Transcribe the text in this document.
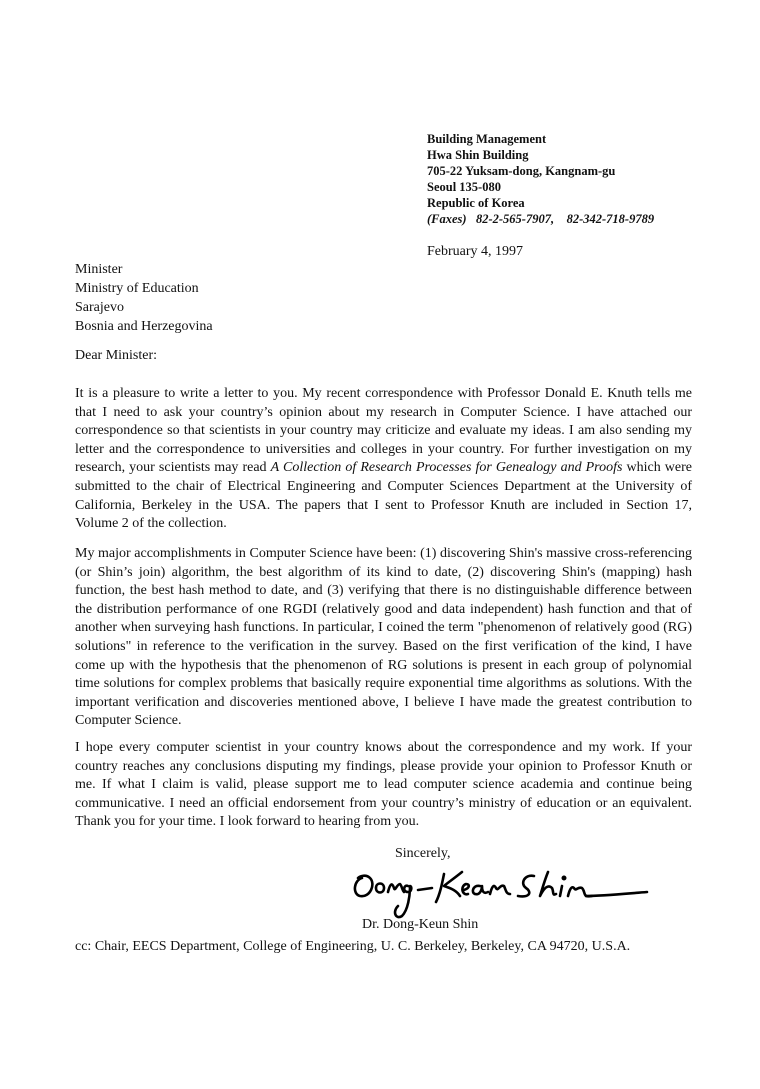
Building Management
Hwa Shin Building
705-22 Yuksam-dong, Kangnam-gu
Seoul 135-080
Republic of Korea
(Faxes) 82-2-565-7907, 82-342-718-9789
February 4, 1997
Minister
Ministry of Education
Sarajevo
Bosnia and Herzegovina
Dear Minister:

It is a pleasure to write a letter to you. My recent correspondence with Professor Donald E. Knuth tells me that I need to ask your country’s opinion about my research in Computer Science. I have attached our correspondence so that scientists in your country may criticize and evaluate my ideas. I am also sending my letter and the correspondence to universities and colleges in your country. For further investigation on my research, your scientists may read A Collection of Research Processes for Genealogy and Proofs which were submitted to the chair of Electrical Engineering and Computer Sciences Department at the University of California, Berkeley in the USA. The papers that I sent to Professor Knuth are included in Section 17, Volume 2 of the collection.

My major accomplishments in Computer Science have been: (1) discovering Shin's massive cross-referencing (or Shin’s join) algorithm, the best algorithm of its kind to date, (2) discovering Shin's (mapping) hash function, the best hash method to date, and (3) verifying that there is no distinguishable difference between the distribution performance of one RGDI (relatively good and data independent) hash function and that of another when surveying hash functions. In particular, I coined the term "phenomenon of relatively good (RG) solutions" in reference to the verification in the survey. Based on the first verification of the kind, I have come up with the hypothesis that the phenomenon of RG solutions is present in each group of polynomial time solutions for complex problems that basically require exponential time algorithms as solutions. With the important verification and discoveries mentioned above, I believe I have made the greatest contribution to Computer Science.

I hope every computer scientist in your country knows about the correspondence and my work. If your country reaches any conclusions disputing my findings, please provide your opinion to Professor Knuth or me. If what I claim is valid, please support me to lead computer science academia and continue being communicative. I need an official endorsement from your country’s ministry of education or an equivalent. Thank you for your time. I look forward to hearing from you.

Sincerely,
Dr. Dong-Keun Shin
cc: Chair, EECS Department, College of Engineering, U. C. Berkeley, Berkeley, CA 94720, U.S.A.
